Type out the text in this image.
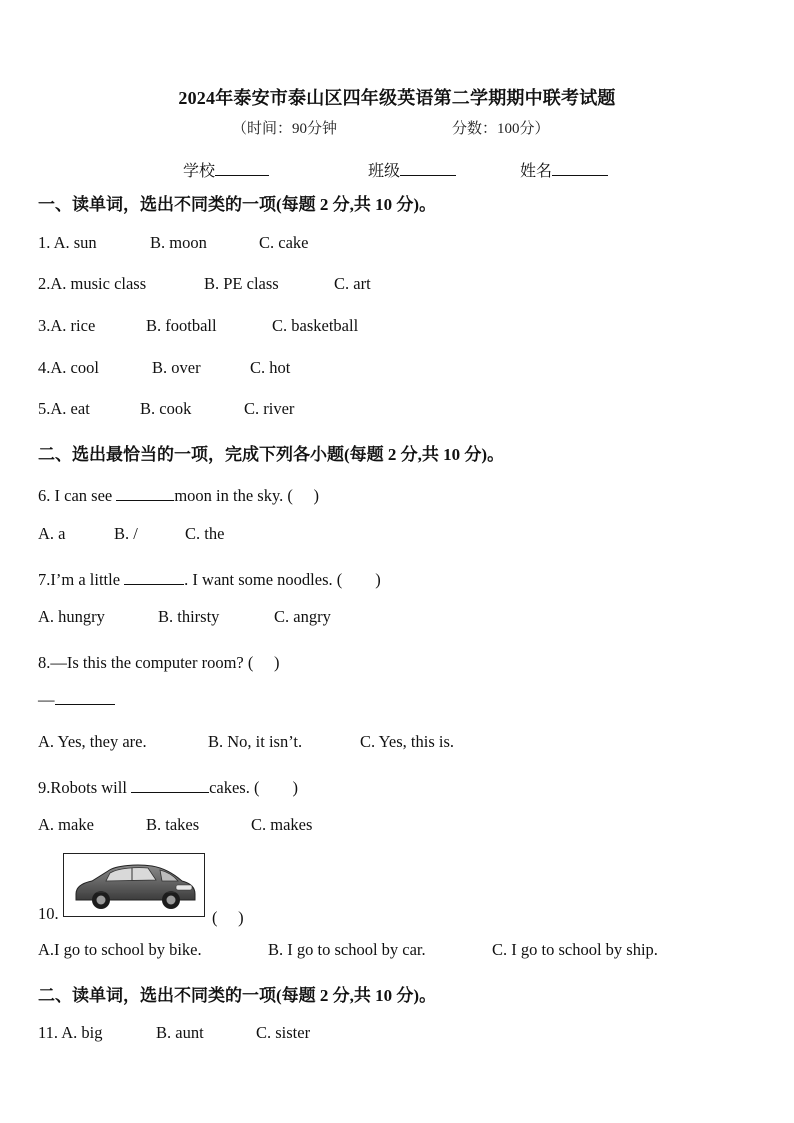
2024年泰安市泰山区四年级英语第二学期期中联考试题
（时间：90分钟	分数：100分）
学校	班级	姓名
一、读单词，选出不同类的一项(每题 2 分,共 10 分)。
1. A. sun	B. moon	C. cake
2.A. music class	B. PE class	C. art
3.A. rice	B. football	C. basketball
4.A. cool	B. over	C. hot
5.A. eat	B. cook	C. river
二、选出最恰当的一项，完成下列各小题(每题 2 分,共 10 分)。
6. I can see	moon in the sky. (　 )
A. a	B. /	C. the
7.I’m a little	. I want some noodles. (　　)
A. hungry	B. thirsty	C. angry
8.—Is this the computer room? (　 )
—
A. Yes, they are.	B. No, it isn’t.	C. Yes, this is.
9.Robots will	cakes. (　　)
A. make	B. takes	C. makes
10.	(　 )
A.I go to school by bike.	B. I go to school by car.	C. I go to school by ship.
二、读单词，选出不同类的一项(每题 2 分,共 10 分)。
11. A. big	B. aunt	C. sister
